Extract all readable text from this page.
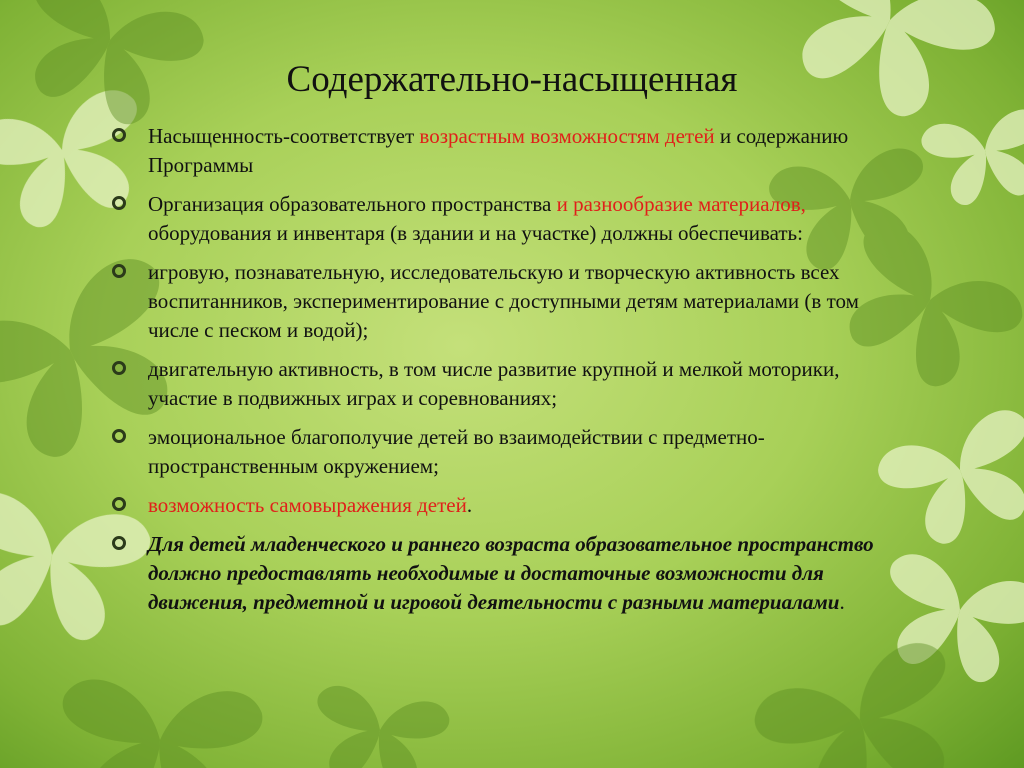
Содержательно-насыщенная
Насыщенность-соответствует возрастным возможностям детей и содержанию Программы
Организация образовательного пространства и разнообразие материалов, оборудования и инвентаря (в здании и на участке) должны обеспечивать:
игровую, познавательную, исследовательскую и творческую активность всех воспитанников, экспериментирование с доступными детям материалами (в том числе с песком и водой);
двигательную активность, в том числе развитие крупной и мелкой моторики, участие в подвижных играх и соревнованиях;
эмоциональное благополучие детей во взаимодействии с предметно-пространственным окружением;
возможность самовыражения детей.
Для детей младенческого и раннего возраста образовательное пространство должно предоставлять необходимые и достаточные возможности для движения, предметной и игровой деятельности с разными материалами.
